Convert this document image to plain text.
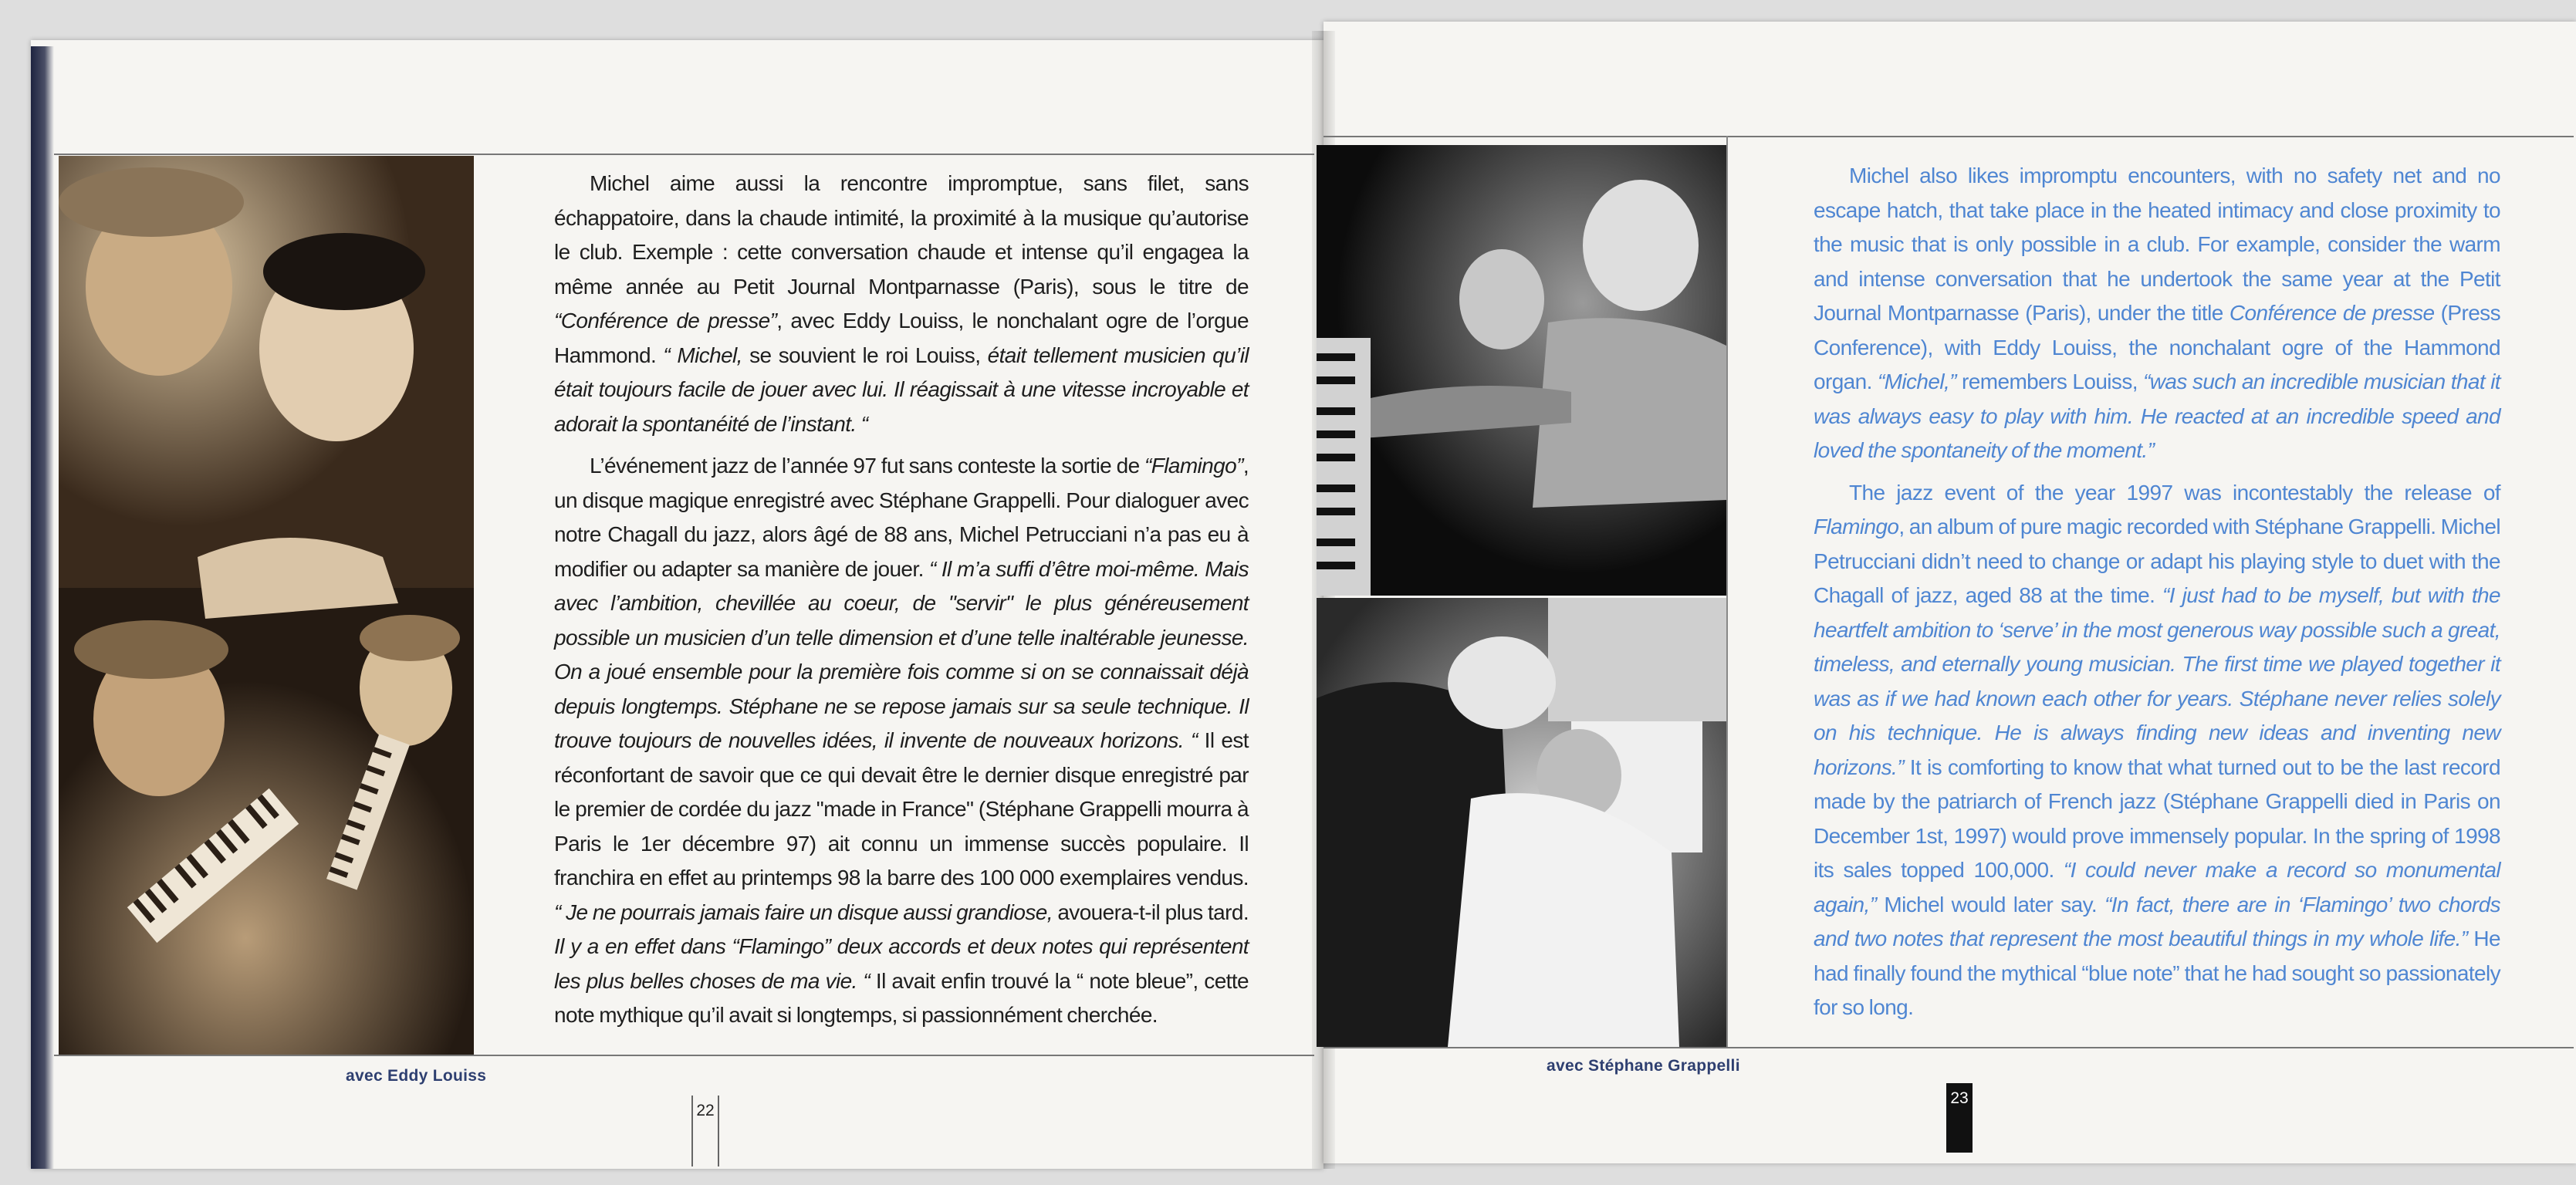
Michel aime aussi la rencontre impromptue, sans filet, sans échappatoire, dans la chaude intimité, la proximité à la musique qu’autorise le club. Exemple : cette conversation chaude et intense qu’il engagea la même année au Petit Journal Montparnasse (Paris), sous le titre de “Conférence de presse”, avec Eddy Louiss, le nonchalant ogre de l’orgue Hammond. “ Michel, se souvient le roi Louiss, était tellement musicien qu’il était toujours facile de jouer avec lui. Il réagissait à une vitesse incroyable et adorait la spontanéité de l’instant. “

L’événement jazz de l’année 97 fut sans conteste la sortie de “Flamingo”, un disque magique enregistré avec Stéphane Grappelli. Pour dialoguer avec notre Chagall du jazz, alors âgé de 88 ans, Michel Petrucciani n’a pas eu à modifier ou adapter sa manière de jouer. “ Il m’a suffi d’être moi-même. Mais avec l’ambition, chevillée au coeur, de "servir" le plus généreusement possible un musicien d’un telle dimension et d’une telle inaltérable jeunesse. On a joué ensemble pour la première fois comme si on se connaissait déjà depuis longtemps. Stéphane ne se repose jamais sur sa seule technique. Il trouve toujours de nouvelles idées, il invente de nouveaux horizons. “ Il est réconfortant de savoir que ce qui devait être le dernier disque enregistré par le premier de cordée du jazz "made in France" (Stéphane Grappelli mourra à Paris le 1er décembre 97) ait connu un immense succès populaire. Il franchira en effet au printemps 98 la barre des 100 000 exemplaires vendus. “ Je ne pourrais jamais faire un disque aussi grandiose, avouera-t-il plus tard. Il y a en effet dans “Flamingo” deux accords et deux notes qui représentent les plus belles choses de ma vie. “ Il avait enfin trouvé la “ note bleue”, cette note mythique qu’il avait si longtemps, si passionnément cherchée.

Michel also likes impromptu encounters, with no safety net and no escape hatch, that take place in the heated intimacy and close proximity to the music that is only possible in a club. For example, consider the warm and intense conversation that he undertook the same year at the Petit Journal Montparnasse (Paris), under the title Conférence de presse (Press Conference), with Eddy Louiss, the nonchalant ogre of the Hammond organ. “Michel,” remembers Louiss, “was such an incredible musician that it was always easy to play with him. He reacted at an incredible speed and loved the spontaneity of the moment.”

The jazz event of the year 1997 was incontestably the release of Flamingo, an album of pure magic recorded with Stéphane Grappelli. Michel Petrucciani didn’t need to change or adapt his playing style to duet with the Chagall of jazz, aged 88 at the time. “I just had to be myself, but with the heartfelt ambition to ‘serve’ in the most generous way possible such a great, timeless, and eternally young musician. The first time we played together it was as if we had known each other for years. Stéphane never relies solely on his technique. He is always finding new ideas and inventing new horizons.” It is comforting to know that what turned out to be the last record made by the patriarch of French jazz (Stéphane Grappelli died in Paris on December 1st, 1997) would prove immensely popular. In the spring of 1998 its sales topped 100,000. “I could never make a record so monumental again,” Michel would later say. “In fact, there are in ‘Flamingo’ two chords and two notes that represent the most beautiful things in my whole life.” He had finally found the mythical “blue note” that he had sought so passionately for so long.

avec Eddy Louiss
avec Stéphane Grappelli
22
23
